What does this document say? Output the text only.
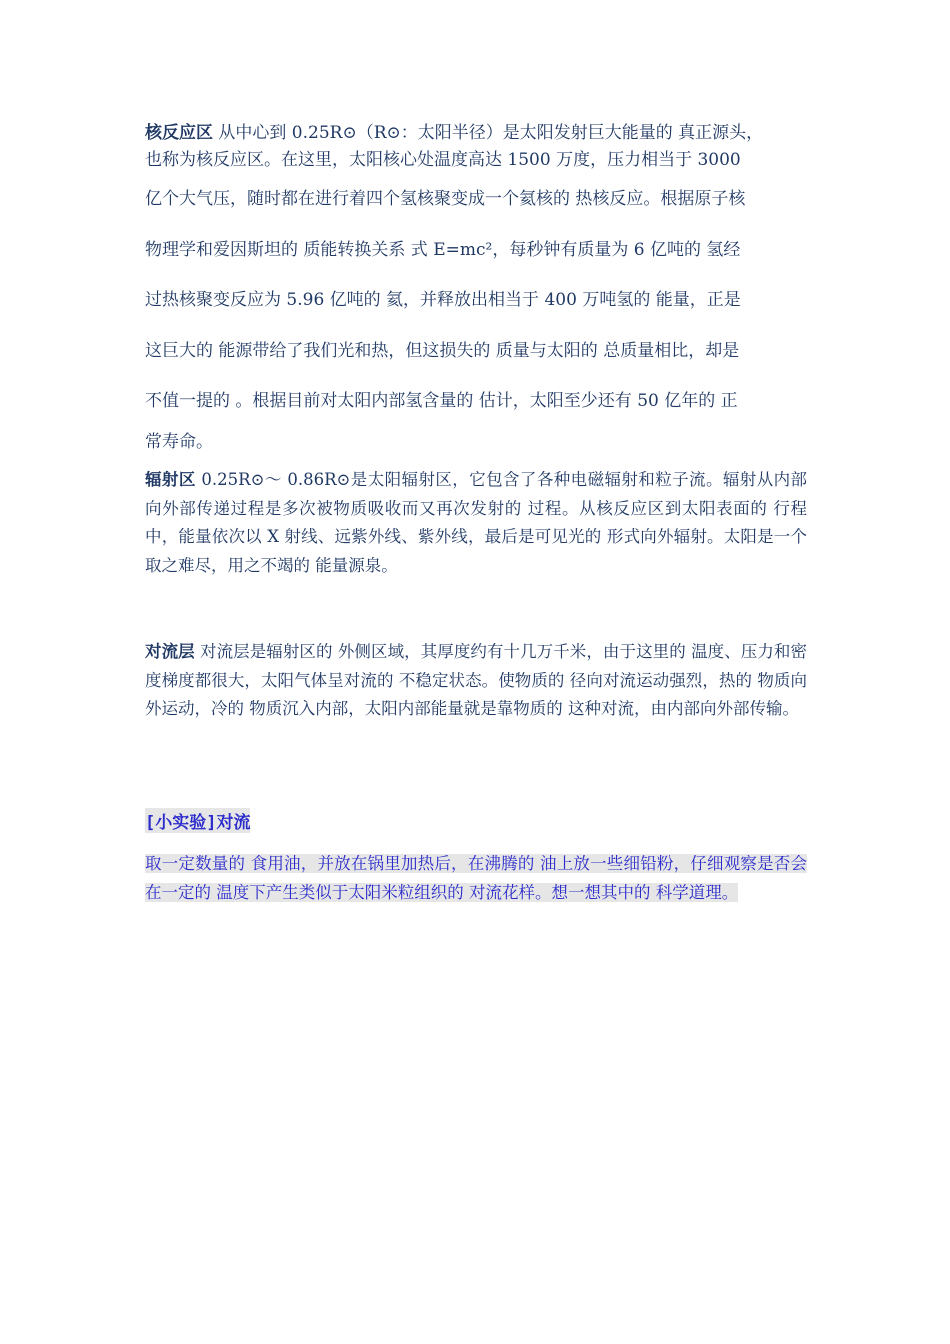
核反应区 从中心到 0.25R⊙（R⊙：太阳半径）是太阳发射巨大能量的 真正源头，
也称为核反应区。在这里，太阳核心处温度高达 1500 万度，压力相当于 3000
亿个大气压，随时都在进行着四个氢核聚变成一个氦核的 热核反应。根据原子核
物理学和爱因斯坦的 质能转换关系 式 E=mc²，每秒钟有质量为 6 亿吨的 氢经
过热核聚变反应为 5.96 亿吨的 氦，并释放出相当于 400 万吨氢的 能量，正是
这巨大的 能源带给了我们光和热，但这损失的 质量与太阳的 总质量相比，却是
不值一提的 。根据目前对太阳内部氢含量的 估计，太阳至少还有 50 亿年的 正
常寿命。
辐射区 0.25R⊙～ 0.86R⊙是太阳辐射区，它包含了各种电磁辐射和粒子流。辐射从内部向外部传递过程是多次被物质吸收而又再次发射的 过程。从核反应区到太阳表面的 行程中，能量依次以 X 射线、远紫外线、紫外线，最后是可见光的 形式向外辐射。太阳是一个取之难尽，用之不竭的 能量源泉。
对流层 对流层是辐射区的 外侧区域，其厚度约有十几万千米，由于这里的 温度、压力和密度梯度都很大，太阳气体呈对流的 不稳定状态。使物质的 径向对流运动强烈，热的 物质向外运动，冷的 物质沉入内部，太阳内部能量就是靠物质的 这种对流，由内部向外部传输。
[小实验]对流
取一定数量的 食用油，并放在锅里加热后，在沸腾的 油上放一些细铅粉，仔细观察是否会在一定的 温度下产生类似于太阳米粒组织的 对流花样。想一想其中的 科学道理。
